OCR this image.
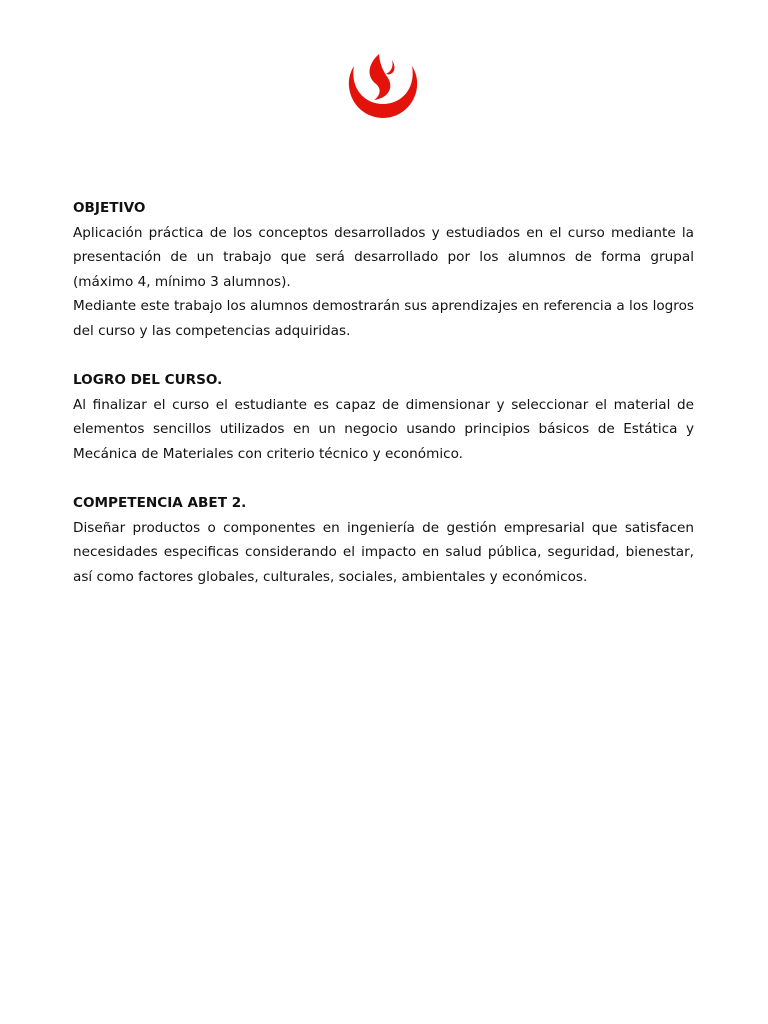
OBJETIVO

Aplicación práctica de los conceptos desarrollados y estudiados en el curso mediante la presentación de un trabajo que será desarrollado por los alumnos de forma grupal (máximo 4, mínimo 3 alumnos).

Mediante este trabajo los alumnos demostrarán sus aprendizajes en referencia a los logros del curso y las competencias adquiridas.

LOGRO DEL CURSO.

Al finalizar el curso el estudiante es capaz de dimensionar y seleccionar el material de elementos sencillos utilizados en un negocio usando principios básicos de Estática y Mecánica de Materiales con criterio técnico y económico.

COMPETENCIA ABET 2.

Diseñar productos o componentes en ingeniería de gestión empresarial que satisfacen necesidades especificas considerando el impacto en salud pública, seguridad, bienestar, así como factores globales, culturales, sociales, ambientales y económicos.
